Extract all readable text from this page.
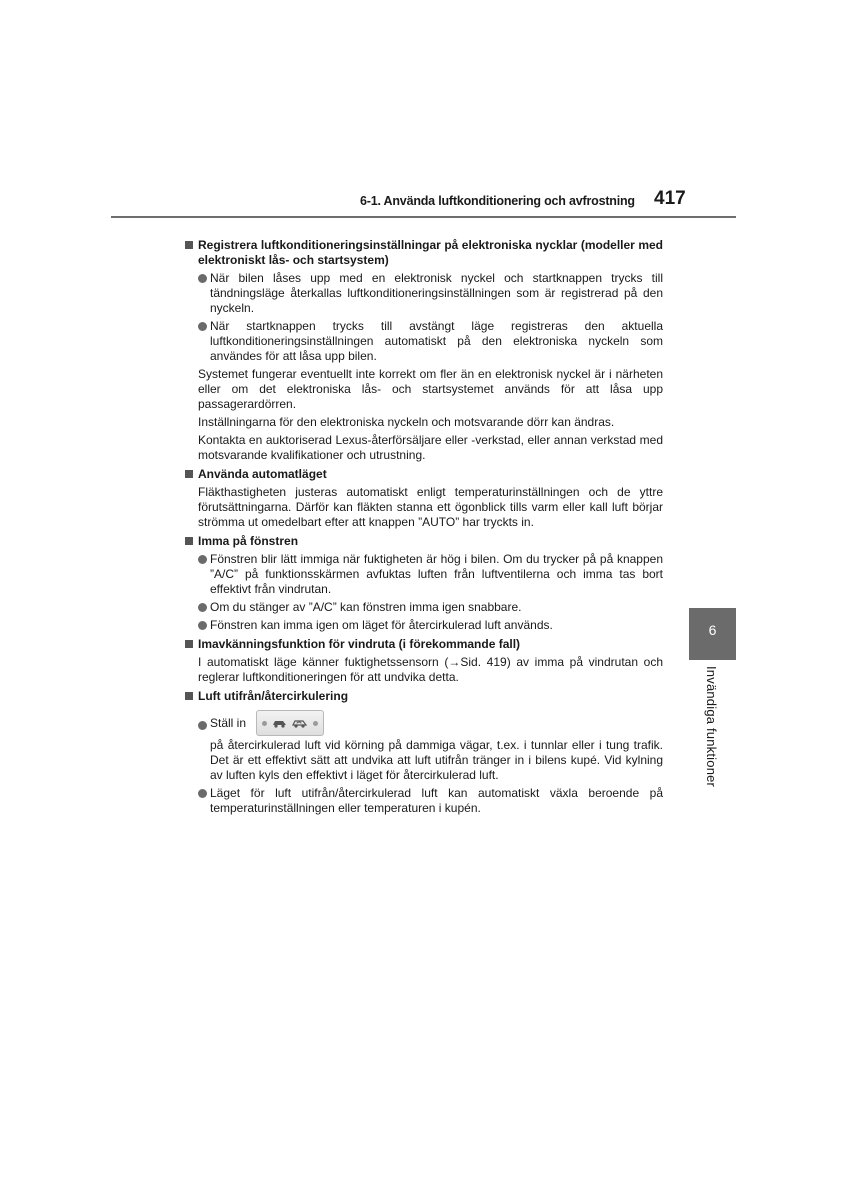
6-1. Använda luftkonditionering och avfrostning 417
Registrera luftkonditioneringsinställningar på elektroniska nycklar (modeller med elektroniskt lås- och startsystem)
När bilen låses upp med en elektronisk nyckel och startknappen trycks till tändningsläge återkallas luftkonditioneringsinställningen som är registrerad på den nyckeln.
När startknappen trycks till avstängt läge registreras den aktuella luftkonditioneringsinställningen automatiskt på den elektroniska nyckeln som användes för att låsa upp bilen.
Systemet fungerar eventuellt inte korrekt om fler än en elektronisk nyckel är i närheten eller om det elektroniska lås- och startsystemet används för att låsa upp passagerardörren.
Inställningarna för den elektroniska nyckeln och motsvarande dörr kan ändras.
Kontakta en auktoriserad Lexus-återförsäljare eller -verkstad, eller annan verkstad med motsvarande kvalifikationer och utrustning.
Använda automatläget
Fläkthastigheten justeras automatiskt enligt temperaturinställningen och de yttre förutsättningarna. Därför kan fläkten stanna ett ögonblick tills varm eller kall luft börjar strömma ut omedelbart efter att knappen ”AUTO” har tryckts in.
Imma på fönstren
Fönstren blir lätt immiga när fuktigheten är hög i bilen. Om du trycker på på knappen ”A/C” på funktionsskärmen avfuktas luften från luftventilerna och imma tas bort effektivt från vindrutan.
Om du stänger av ”A/C” kan fönstren imma igen snabbare.
Fönstren kan imma igen om läget för återcirkulerad luft används.
Imavkänningsfunktion för vindruta (i förekommande fall)
I automatiskt läge känner fuktighetssensorn (→Sid. 419) av imma på vindrutan och reglerar luftkonditioneringen för att undvika detta.
Luft utifrån/återcirkulering
Ställ in
på återcirkulerad luft vid körning på dammiga vägar, t.ex. i tunnlar eller i tung trafik. Det är ett effektivt sätt att undvika att luft utifrån tränger in i bilens kupé. Vid kylning av luften kyls den effektivt i läget för återcirkulerad luft.
Läget för luft utifrån/återcirkulerad luft kan automatiskt växla beroende på temperaturinställningen eller temperaturen i kupén.
6
Invändiga funktioner
